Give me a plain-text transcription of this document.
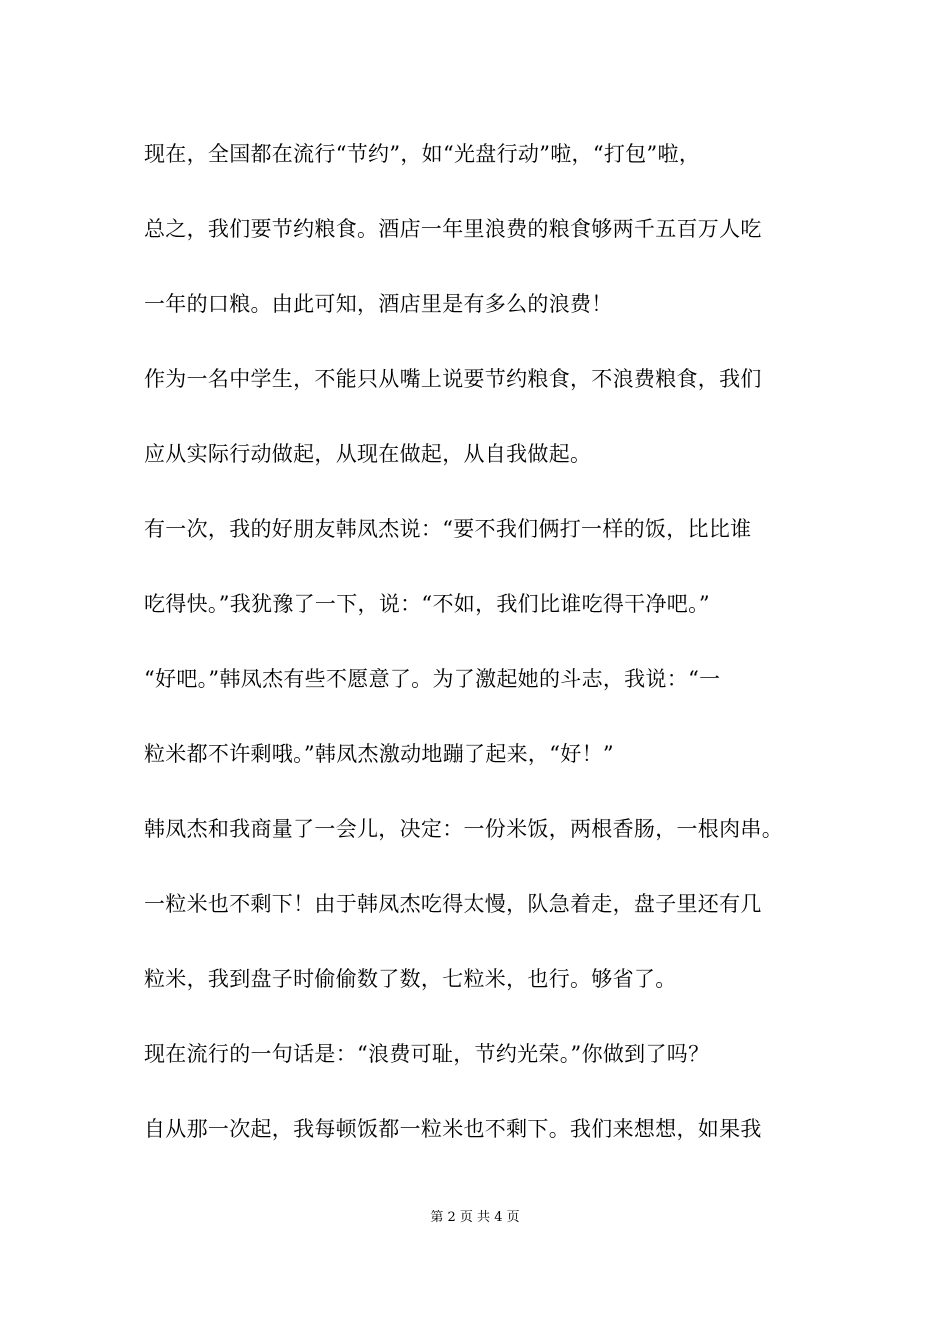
现在，全国都在流行“节约”，如“光盘行动”啦，“打包”啦，
总之，我们要节约粮食。酒店一年里浪费的粮食够两千五百万人吃
一年的口粮。由此可知，酒店里是有多么的浪费！
作为一名中学生，不能只从嘴上说要节约粮食，不浪费粮食，我们
应从实际行动做起，从现在做起，从自我做起。
有一次，我的好朋友韩凤杰说：“要不我们俩打一样的饭，比比谁
吃得快。”我犹豫了一下，说：“不如，我们比谁吃得干净吧。”
“好吧。”韩凤杰有些不愿意了。为了激起她的斗志，我说：“一
粒米都不许剩哦。”韩凤杰激动地蹦了起来，“好！”
韩凤杰和我商量了一会儿，决定：一份米饭，两根香肠，一根肉串。
一粒米也不剩下！由于韩凤杰吃得太慢，队急着走，盘子里还有几
粒米，我到盘子时偷偷数了数，七粒米，也行。够省了。
现在流行的一句话是：“浪费可耻，节约光荣。”你做到了吗？
自从那一次起，我每顿饭都一粒米也不剩下。我们来想想，如果我
第 2 页 共 4 页
